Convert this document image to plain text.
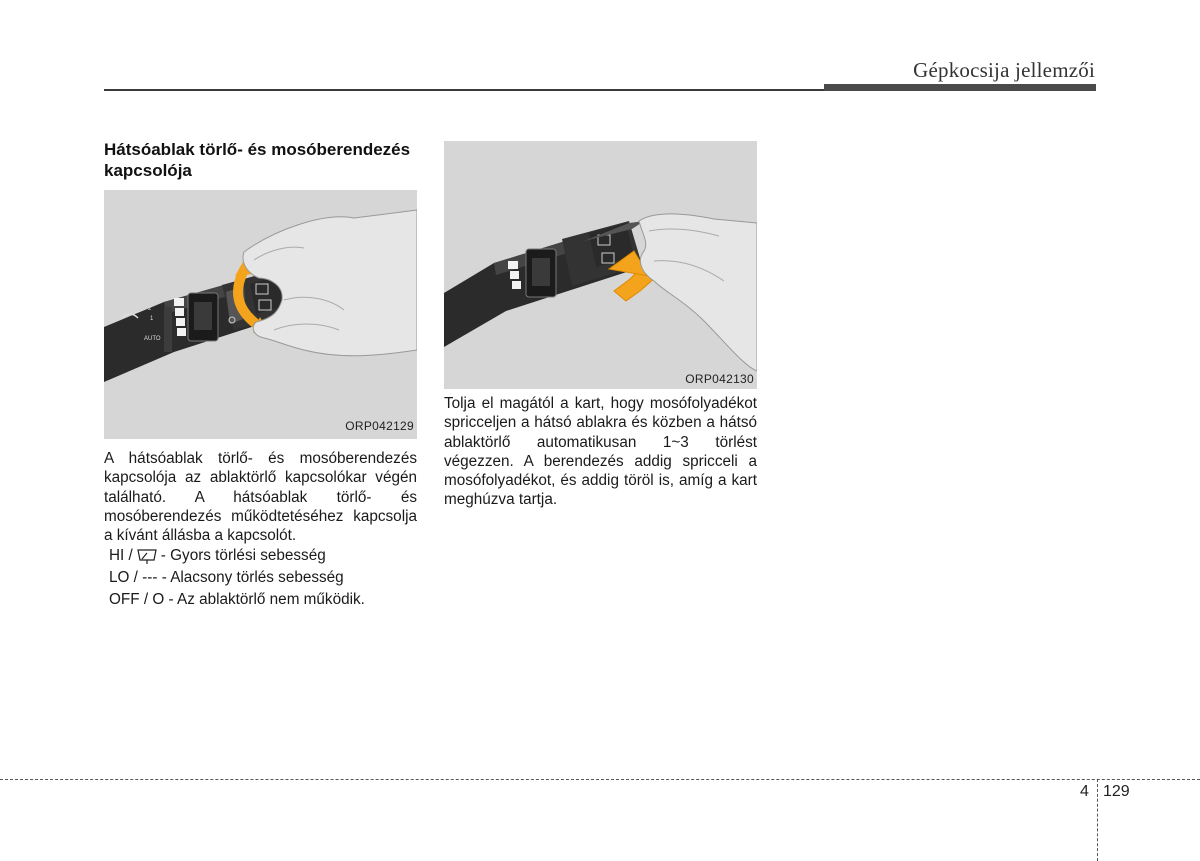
Gépkocsija jellemzői
Hátsóablak törlő- és mosóberendezés kapcsolója
AUTO
1
2
ORP042129
ORP042130
A hátsóablak törlő- és mosóberendezés kapcsolója az ablaktörlő kapcsolókar végén található. A hátsóablak törlő- és mosóberendezés működtetéséhez kapcsolja a kívánt állásba a kapcsolót.
HI / - Gyors törlési sebesség
LO / ---
- Alacsony törlés sebesség
OFF / O
- Az ablaktörlő nem működik.
Tolja el magától a kart, hogy mosófolyadékot spricceljen a hátsó ablakra és közben a hátsó ablaktörlő automatikusan 1~3 törlést végezzen. A berendezés addig spricceli a mosófolyadékot, és addig töröl is, amíg a kart meghúzva tartja.
4 129
